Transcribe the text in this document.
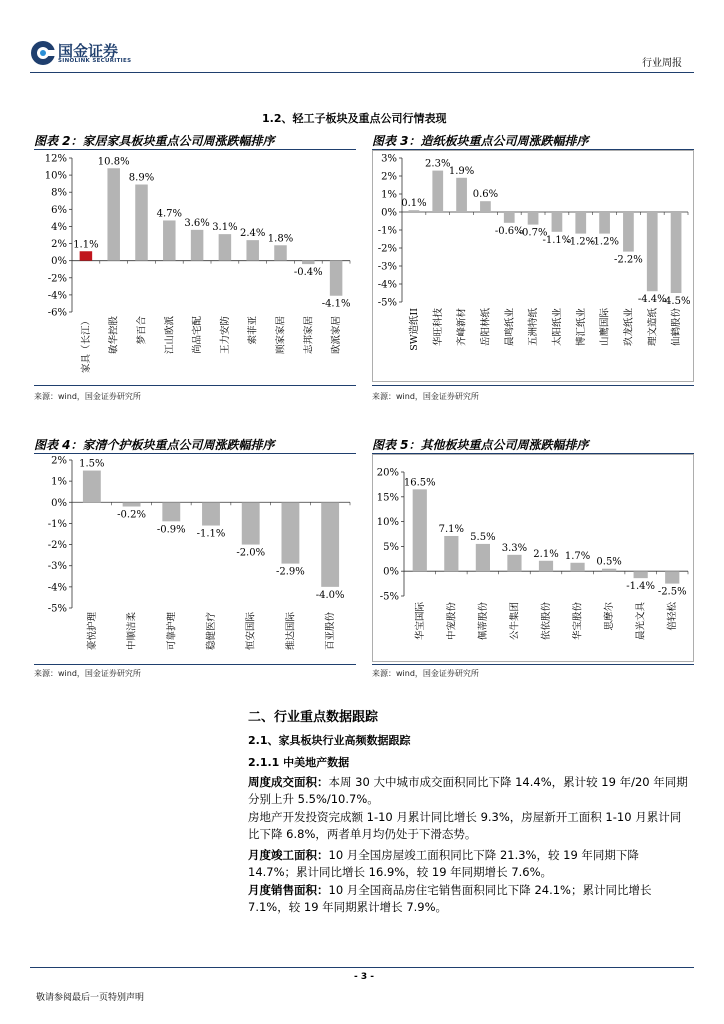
国金证券
SINOLINK SECURITIES	行业周报
1.2、轻工子板块及重点公司行情表现
图表 2：家居家具板块重点公司周涨跌幅排序
12%
10%
8%
6%
4%
2%
0%
-2%
-4%
-6%
1.1%
家具（长江）
10.8%
敏华控股
8.9%
梦百合
4.7%
江山欧派
3.6%
尚品宅配
3.1%
王力安防
2.4%
索菲亚
1.8%
顾家家居
-0.4%
志邦家居
-4.1%
欧派家居
来源：wind，国金证券研究所
图表 3：造纸板块重点公司周涨跌幅排序
3%
2%
1%
0%
-1%
-2%
-3%
-4%
-5%
0.1%
SW造纸II
2.3%
华旺科技
1.9%
齐峰新材
0.6%
岳阳林纸
-0.6%
晨鸣纸业
-0.7%
五洲特纸
-1.1%
太阳纸业
-1.2%
博汇纸业
-1.2%
山鹰国际
-2.2%
玖龙纸业
-4.4%
理文造纸
-4.5%
仙鹤股份
来源：wind，国金证券研究所
图表 4：家清个护板块重点公司周涨跌幅排序
2%
1%
0%
-1%
-2%
-3%
-4%
-5%
1.5%
豪悦护理
-0.2%
中顺洁柔
-0.9%
可靠护理
-1.1%
稳健医疗
-2.0%
恒安国际
-2.9%
维达国际
-4.0%
百亚股份
来源：wind，国金证券研究所
图表 5：其他板块重点公司周涨跌幅排序
20%
15%
10%
5%
0%
-5%
16.5%
华宝国际
7.1%
中宠股份
5.5%
佩蒂股份
3.3%
公牛集团
2.1%
依依股份
1.7%
华宝股份
0.5%
思摩尔
-1.4%
晨光文具
-2.5%
倍轻松
来源：wind，国金证券研究所
二、行业重点数据跟踪
2.1、家具板块行业高频数据跟踪
2.1.1 中美地产数据
周度成交面积：本周 30 大中城市成交面积同比下降 14.4%，累计较 19 年/20 年同期分别上升 5.5%/10.7%。
房地产开发投资完成额 1-10 月累计同比增长 9.3%，房屋新开工面积 1-10 月累计同比下降 6.8%，两者单月均仍处于下滑态势。
月度竣工面积：10 月全国房屋竣工面积同比下降 21.3%，较 19 年同期下降 14.7%；累计同比增长 16.9%，较 19 年同期增长 7.6%。
月度销售面积：10 月全国商品房住宅销售面积同比下降 24.1%；累计同比增长 7.1%，较 19 年同期累计增长 7.9%。
- 3 -
敬请参阅最后一页特别声明
